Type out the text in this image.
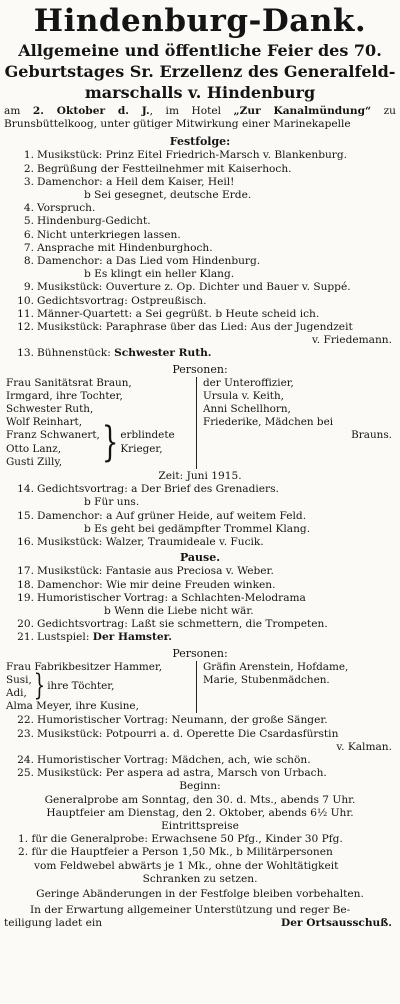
Hindenburg-Dank.
Allgemeine und öffentliche Feier des 70.
Geburtstages Sr. Erzellenz des Generalfeld-
marschalls v. Hindenburg

am 2. Oktober d. J., im Hotel „Zur Kanalmündung“ zu Brunsbüttelkoog, unter gütiger Mitwirkung einer Marinekapelle

Festfolge:
1. Musikstück: Prinz Eitel Friedrich-Marsch v. Blankenburg.
2. Begrüßung der Festteilnehmer mit Kaiserhoch.
3. Damenchor: a Heil dem Kaiser, Heil!
b Sei gesegnet, deutsche Erde.
4. Vorspruch.
5. Hindenburg-Gedicht.
6. Nicht unterkriegen lassen.
7. Ansprache mit Hindenburghoch.
8. Damenchor: a Das Lied vom Hindenburg.
b Es klingt ein heller Klang.
9. Musikstück: Ouverture z. Op. Dichter und Bauer v. Suppé.
10. Gedichtsvortrag: Ostpreußisch.
11. Männer-Quartett: a Sei gegrüßt. b Heute scheid ich.
12. Musikstück: Paraphrase über das Lied: Aus der Jugendzeit
v. Friedemann.
13. Bühnenstück: Schwester Ruth.
Personen:
Frau Sanitätsrat Braun,
Irmgard, ihre Tochter,
Schwester Ruth,
Wolf Reinhart,
Franz Schwanert,
Otto Lanz,
Gusti Zilly,	} erblindete
Krieger,
der Unteroffizier,
Ursula v. Keith,
Anni Schellhorn,
Friederike, Mädchen bei
Brauns.
Zeit: Juni 1915.
14. Gedichtsvortrag: a Der Brief des Grenadiers.
b Für uns.
15. Damenchor: a Auf grüner Heide, auf weitem Feld.
b Es geht bei gedämpfter Trommel Klang.
16. Musikstück: Walzer, Traumideale v. Fucik.
Pause.
17. Musikstück: Fantasie aus Preciosa v. Weber.
18. Damenchor: Wie mir deine Freuden winken.
19. Humoristischer Vortrag: a Schlachten-Melodrama
b Wenn die Liebe nicht wär.
20. Gedichtsvortrag: Laßt sie schmettern, die Trompeten.
21. Lustspiel: Der Hamster.
Personen:
Frau Fabrikbesitzer Hammer,
Susi,
Adi, } ihre Töchter,
Alma Meyer, ihre Kusine,
Gräfin Arenstein, Hofdame,
Marie, Stubenmädchen.
22. Humoristischer Vortrag: Neumann, der große Sänger.
23. Musikstück: Potpourri a. d. Operette Die Csardasfürstin
v. Kalman.
24. Humoristischer Vortrag: Mädchen, ach, wie schön.
25. Musikstück: Per aspera ad astra, Marsch von Urbach.
Beginn:
Generalprobe am Sonntag, den 30. d. Mts., abends 7 Uhr.
Hauptfeier am Dienstag, den 2. Oktober, abends 6½ Uhr.
Eintrittspreise
1. für die Generalprobe: Erwachsene 50 Pfg., Kinder 30 Pfg.
2. für die Hauptfeier a Person 1,50 Mk., b Militärpersonen
vom Feldwebel abwärts je 1 Mk., ohne der Wohltätigkeit
Schranken zu setzen.
Geringe Abänderungen in der Festfolge bleiben vorbehalten.
In der Erwartung allgemeiner Unterstützung und reger Be-
teiligung ladet ein	Der Ortsausschuß.
